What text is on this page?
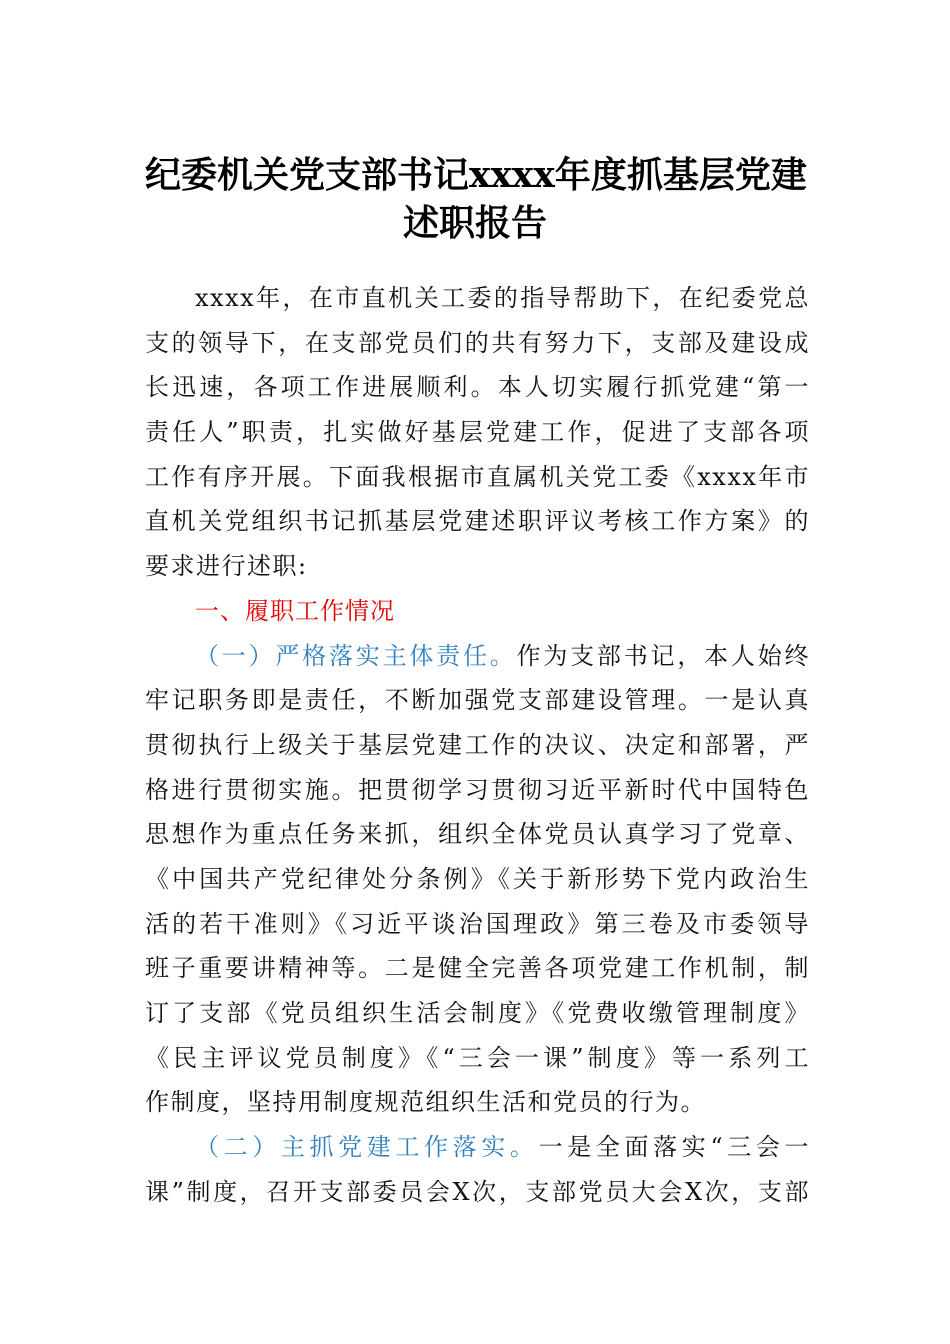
纪委机关党支部书记xxxx年度抓基层党建
述职报告
xxxx年，在市直机关工委的指导帮助下，在纪委党总
支的领导下，在支部党员们的共有努力下，支部及建设成
长迅速，各项工作进展顺利。本人切实履行抓党建“第一
责任人”职责，扎实做好基层党建工作，促进了支部各项
工作有序开展。下面我根据市直属机关党工委《xxxx年市
直机关党组织书记抓基层党建述职评议考核工作方案》的
要求进行述职:
一、履职工作情况
（一）严格落实主体责任。作为支部书记，本人始终
牢记职务即是责任，不断加强党支部建设管理。一是认真
贯彻执行上级关于基层党建工作的决议、决定和部署，严
格进行贯彻实施。把贯彻学习贯彻习近平新时代中国特色
思想作为重点任务来抓，组织全体党员认真学习了党章、
《中国共产党纪律处分条例》《关于新形势下党内政治生
活的若干准则》《习近平谈治国理政》第三卷及市委领导
班子重要讲精神等。二是健全完善各项党建工作机制，制
订了支部《党员组织生活会制度》《党费收缴管理制度》
《民主评议党员制度》《“三会一课”制度》等一系列工
作制度，坚持用制度规范组织生活和党员的行为。
（二）主抓党建工作落实。一是全面落实“三会一
课”制度，召开支部委员会X次，支部党员大会X次，支部
